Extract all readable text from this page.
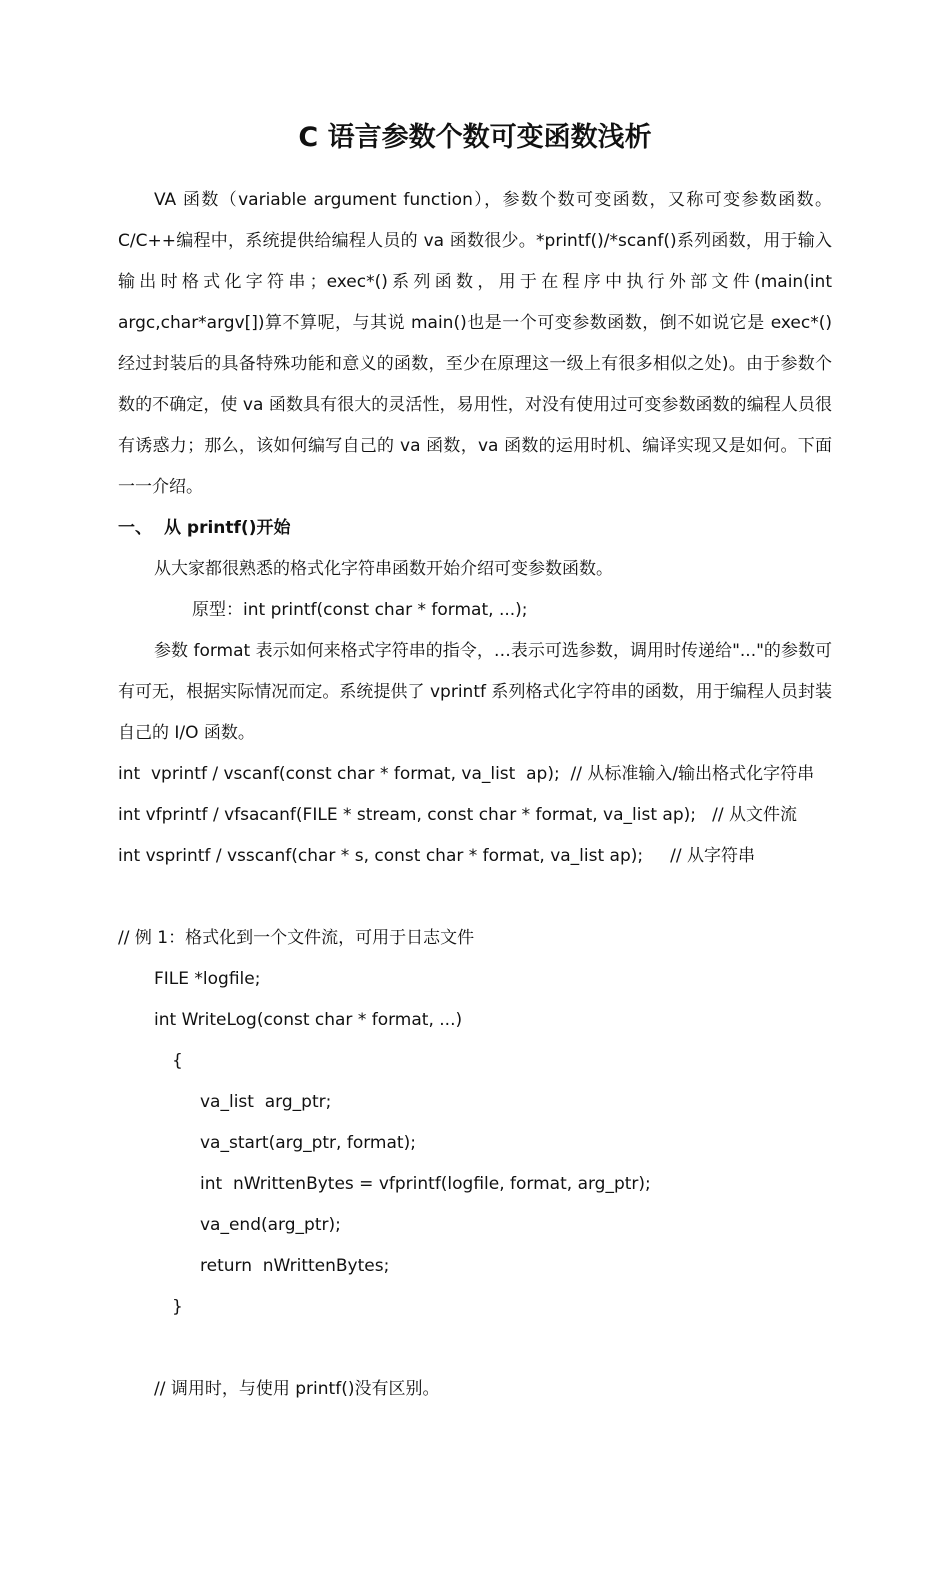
C 语言参数个数可变函数浅析

VA 函数（variable argument function），参数个数可变函数，又称可变参数函数。C/C++编程中，系统提供给编程人员的 va 函数很少。*printf()/*scanf()系列函数，用于输入输出时格式化字符串；exec*()系列函数，用于在程序中执行外部文件(main(int argc,char*argv[])算不算呢，与其说 main()也是一个可变参数函数，倒不如说它是 exec*()经过封装后的具备特殊功能和意义的函数，至少在原理这一级上有很多相似之处)。由于参数个数的不确定，使 va 函数具有很大的灵活性，易用性，对没有使用过可变参数函数的编程人员很有诱惑力；那么，该如何编写自己的 va 函数，va 函数的运用时机、编译实现又是如何。下面一一介绍。

一、 从 printf()开始

从大家都很熟悉的格式化字符串函数开始介绍可变参数函数。

原型：int printf(const char * format, ...);

参数 format 表示如何来格式字符串的指令，…表示可选参数，调用时传递给"..."的参数可有可无，根据实际情况而定。系统提供了 vprintf 系列格式化字符串的函数，用于编程人员封装自己的 I/O 函数。

int  vprintf / vscanf(const char * format, va_list  ap);  // 从标准输入/输出格式化字符串

int vfprintf / vfsacanf(FILE * stream, const char * format, va_list ap);   // 从文件流

int vsprintf / vsscanf(char * s, const char * format, va_list ap);     // 从字符串

// 例 1：格式化到一个文件流，可用于日志文件

FILE *logfile;

int WriteLog(const char * format, ...)

{

va_list  arg_ptr;

va_start(arg_ptr, format);

int  nWrittenBytes = vfprintf(logfile, format, arg_ptr);

va_end(arg_ptr);

return  nWrittenBytes;

}

// 调用时，与使用 printf()没有区别。
